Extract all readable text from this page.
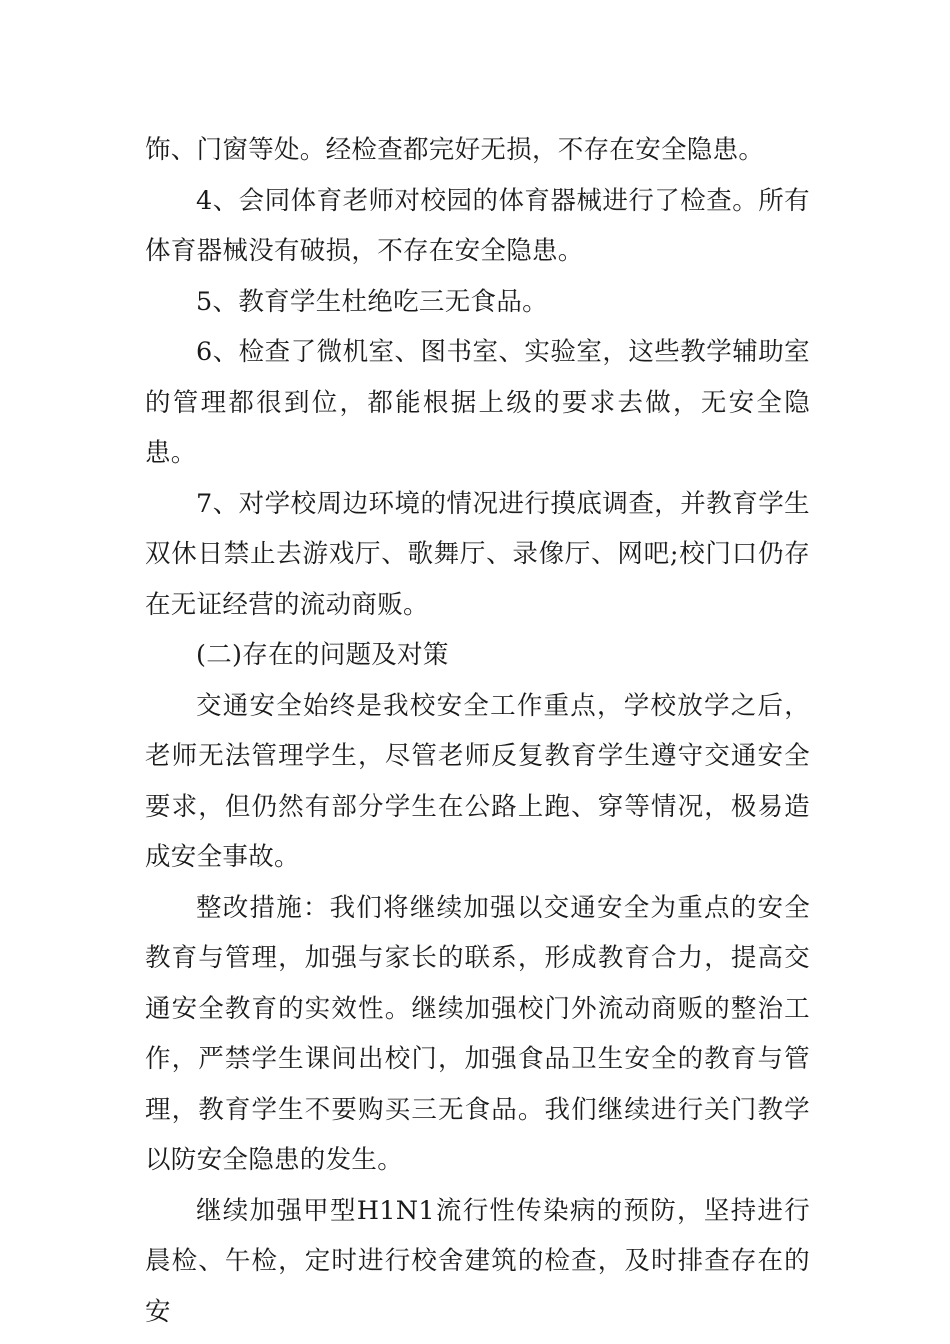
饰、门窗等处。经检查都完好无损，不存在安全隐患。

4、会同体育老师对校园的体育器械进行了检查。所有体育器械没有破损，不存在安全隐患。

5、教育学生杜绝吃三无食品。

6、检查了微机室、图书室、实验室，这些教学辅助室的管理都很到位，都能根据上级的要求去做，无安全隐患。

7、对学校周边环境的情况进行摸底调查，并教育学生双休日禁止去游戏厅、歌舞厅、录像厅、网吧;校门口仍存在无证经营的流动商贩。

(二)存在的问题及对策

交通安全始终是我校安全工作重点，学校放学之后，老师无法管理学生，尽管老师反复教育学生遵守交通安全要求，但仍然有部分学生在公路上跑、穿等情况，极易造成安全事故。

整改措施：我们将继续加强以交通安全为重点的安全教育与管理，加强与家长的联系，形成教育合力，提高交通安全教育的实效性。继续加强校门外流动商贩的整治工作，严禁学生课间出校门，加强食品卫生安全的教育与管理，教育学生不要购买三无食品。我们继续进行关门教学以防安全隐患的发生。

继续加强甲型H1N1流行性传染病的预防，坚持进行晨检、午检，定时进行校舍建筑的检查，及时排查存在的安
